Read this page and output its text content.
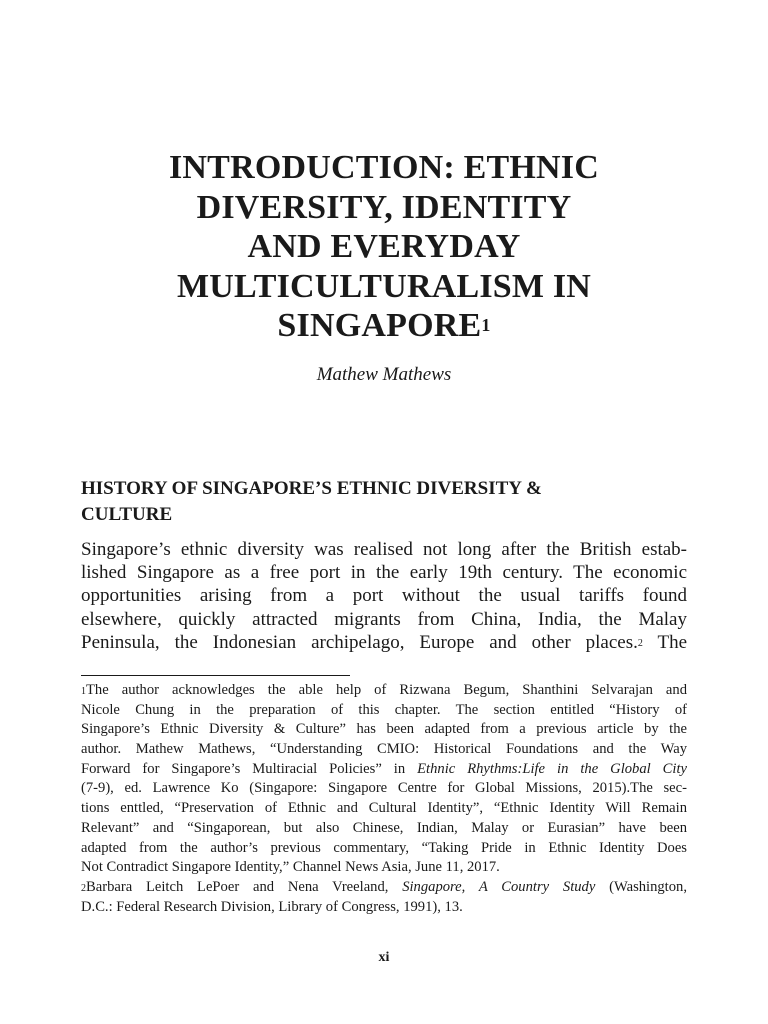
INTRODUCTION: ETHNIC
DIVERSITY, IDENTITY
AND EVERYDAY
MULTICULTURALISM IN
SINGAPORE$^1$

Mathew Mathews

HISTORY OF SINGAPORE’S ETHNIC DIVERSITY &
CULTURE
Singapore’s ethnic diversity was realised not long after the British estab-
lished Singapore as a free port in the early 19th century. The economic
opportunities arising from a port without the usual tariffs found
elsewhere, quickly attracted migrants from China, India, the Malay
Peninsula, the Indonesian archipelago, Europe and other places.$^2$ The
$^1$The author acknowledges the able help of Rizwana Begum, Shanthini Selvarajan and
Nicole Chung in the preparation of this chapter. The section entitled “History of
Singapore’s Ethnic Diversity & Culture” has been adapted from a previous article by the
author. Mathew Mathews, “Understanding CMIO: Historical Foundations and the Way
Forward for Singapore’s Multiracial Policies” in Ethnic Rhythms:Life in the Global City
(7-9), ed. Lawrence Ko (Singapore: Singapore Centre for Global Missions, 2015).The sec-
tions enttled, “Preservation of Ethnic and Cultural Identity”, “Ethnic Identity Will Remain
Relevant” and “Singaporean, but also Chinese, Indian, Malay or Eurasian” have been
adapted from the author’s previous commentary, “Taking Pride in Ethnic Identity Does
Not Contradict Singapore Identity,” Channel News Asia, June 11, 2017.
$^2$Barbara Leitch LePoer and Nena Vreeland, Singapore, A Country Study (Washington,
D.C.: Federal Research Division, Library of Congress, 1991), 13.

xi
